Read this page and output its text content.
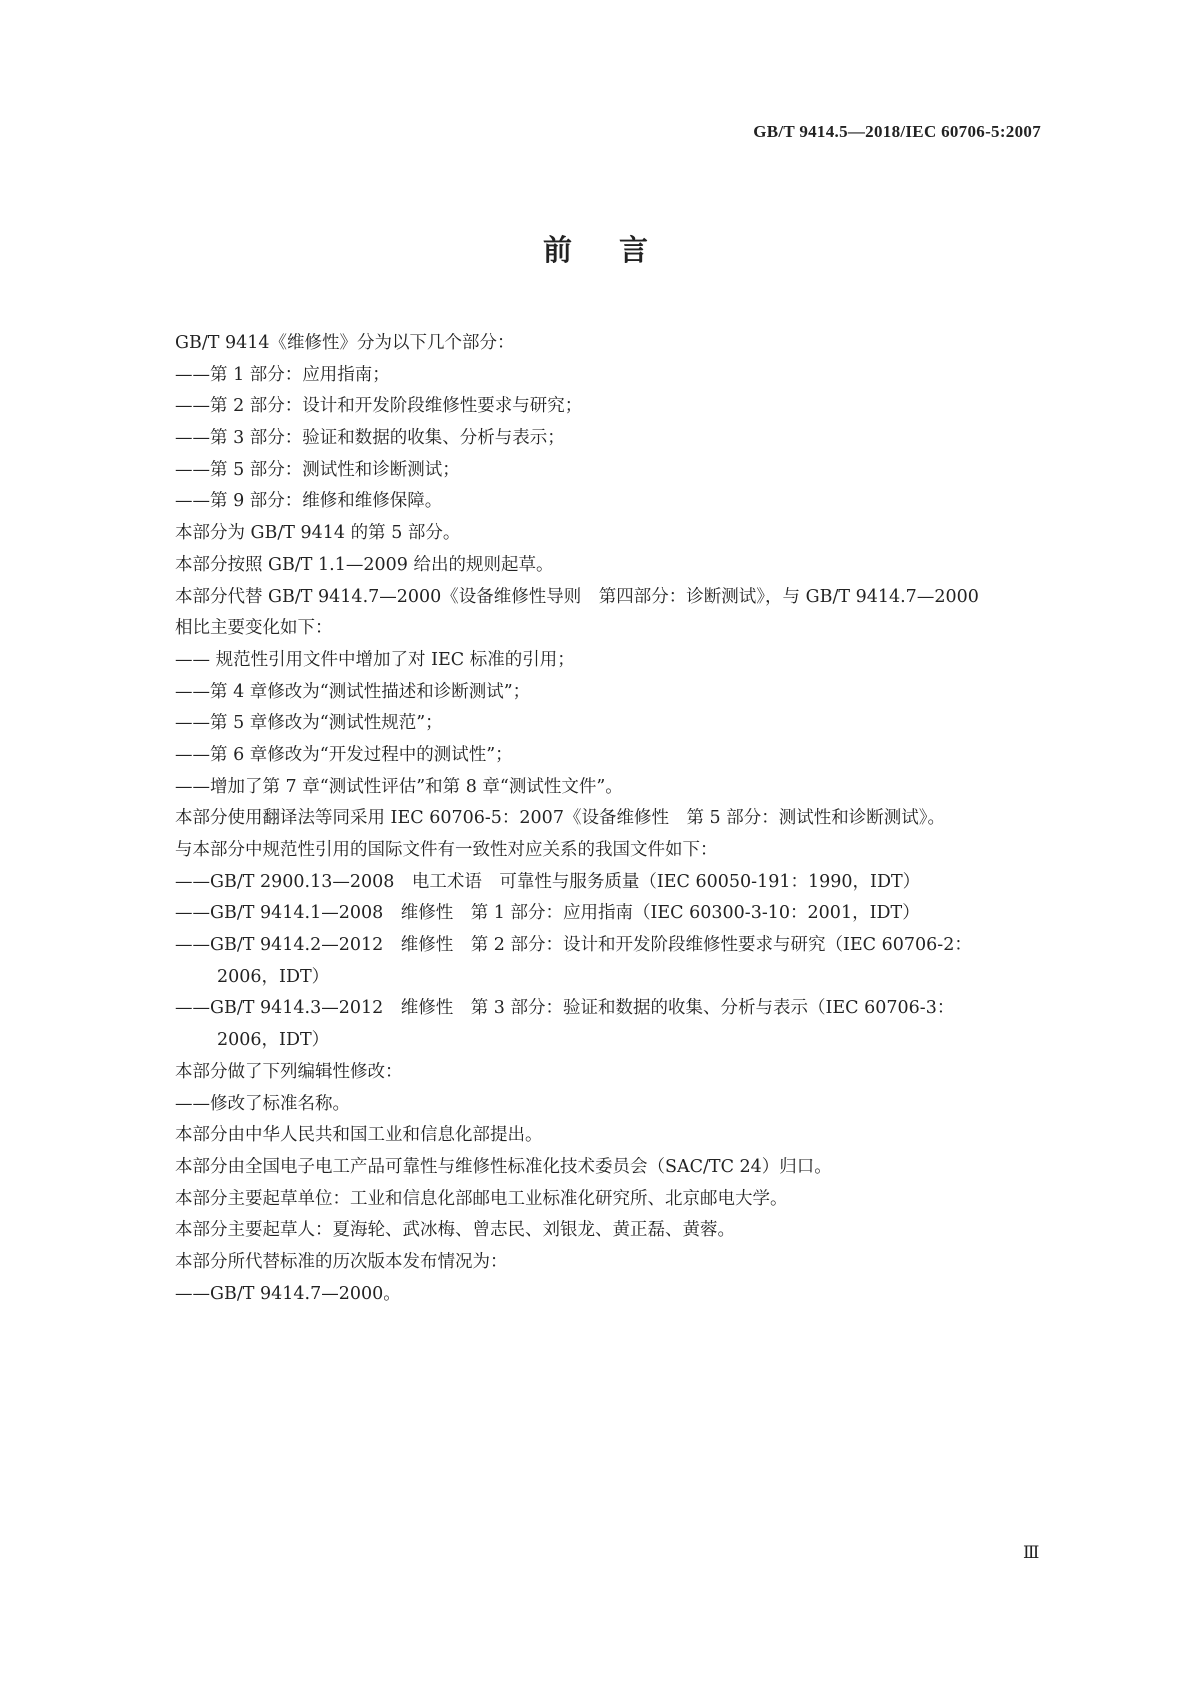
GB/T 9414.5—2018/IEC 60706-5:2007
前言
GB/T 9414《维修性》分为以下几个部分：
——第 1 部分：应用指南；
——第 2 部分：设计和开发阶段维修性要求与研究；
——第 3 部分：验证和数据的收集、分析与表示；
——第 5 部分：测试性和诊断测试；
——第 9 部分：维修和维修保障。
本部分为 GB/T 9414 的第 5 部分。
本部分按照 GB/T 1.1—2009 给出的规则起草。
本部分代替 GB/T 9414.7—2000《设备维修性导则　第四部分：诊断测试》，与 GB/T 9414.7—2000
相比主要变化如下：
—— 规范性引用文件中增加了对 IEC 标准的引用；
——第 4 章修改为“测试性描述和诊断测试”；
——第 5 章修改为“测试性规范”；
——第 6 章修改为“开发过程中的测试性”；
——增加了第 7 章“测试性评估”和第 8 章“测试性文件”。
本部分使用翻译法等同采用 IEC 60706-5：2007《设备维修性　第 5 部分：测试性和诊断测试》。
与本部分中规范性引用的国际文件有一致性对应关系的我国文件如下：
——GB/T 2900.13—2008　电工术语　可靠性与服务质量（IEC 60050-191：1990，IDT）
——GB/T 9414.1—2008　维修性　第 1 部分：应用指南（IEC 60300-3-10：2001，IDT）
——GB/T 9414.2—2012　维修性　第 2 部分：设计和开发阶段维修性要求与研究（IEC 60706-2：
2006，IDT）
——GB/T 9414.3—2012　维修性　第 3 部分：验证和数据的收集、分析与表示（IEC 60706-3：
2006，IDT）
本部分做了下列编辑性修改：
——修改了标准名称。
本部分由中华人民共和国工业和信息化部提出。
本部分由全国电子电工产品可靠性与维修性标准化技术委员会（SAC/TC 24）归口。
本部分主要起草单位：工业和信息化部邮电工业标准化研究所、北京邮电大学。
本部分主要起草人：夏海轮、武冰梅、曾志民、刘银龙、黄正磊、黄蓉。
本部分所代替标准的历次版本发布情况为：
——GB/T 9414.7—2000。
Ⅲ
